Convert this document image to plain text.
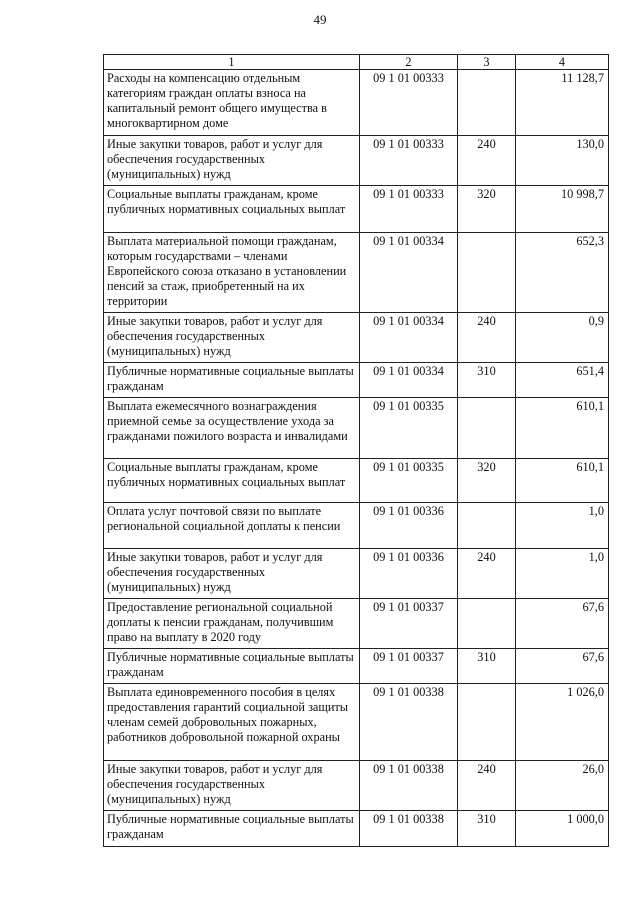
49
1	2	3	4
Расходы на компенсацию отдельным категориям граждан оплаты взноса на капитальный ремонт общего имущества в многоквартирном доме	09 1 01 00333		11 128,7
Иные закупки товаров, работ и услуг для обеспечения государственных (муниципальных) нужд	09 1 01 00333	240	130,0
Социальные выплаты гражданам, кроме публичных нормативных социальных выплат	09 1 01 00333	320	10 998,7
Выплата материальной помощи гражданам, которым государствами – членами Европейского союза отказано в установлении пенсий за стаж, приобретенный на их территории	09 1 01 00334		652,3
Иные закупки товаров, работ и услуг для обеспечения государственных (муниципальных) нужд	09 1 01 00334	240	0,9
Публичные нормативные социальные выплаты гражданам	09 1 01 00334	310	651,4
Выплата ежемесячного вознаграждения приемной семье за осуществление ухода за гражданами пожилого возраста и инвалидами	09 1 01 00335		610,1
Социальные выплаты гражданам, кроме публичных нормативных социальных выплат	09 1 01 00335	320	610,1
Оплата услуг почтовой связи по выплате региональной социальной доплаты к пенсии	09 1 01 00336		1,0
Иные закупки товаров, работ и услуг для обеспечения государственных (муниципальных) нужд	09 1 01 00336	240	1,0
Предоставление региональной социальной доплаты к пенсии гражданам, получившим право на выплату в 2020 году	09 1 01 00337		67,6
Публичные нормативные социальные выплаты гражданам	09 1 01 00337	310	67,6
Выплата единовременного пособия в целях предоставления гарантий социальной защиты членам семей добровольных пожарных, работников добровольной пожарной охраны	09 1 01 00338		1 026,0
Иные закупки товаров, работ и услуг для обеспечения государственных (муниципальных) нужд	09 1 01 00338	240	26,0
Публичные нормативные социальные выплаты гражданам	09 1 01 00338	310	1 000,0
